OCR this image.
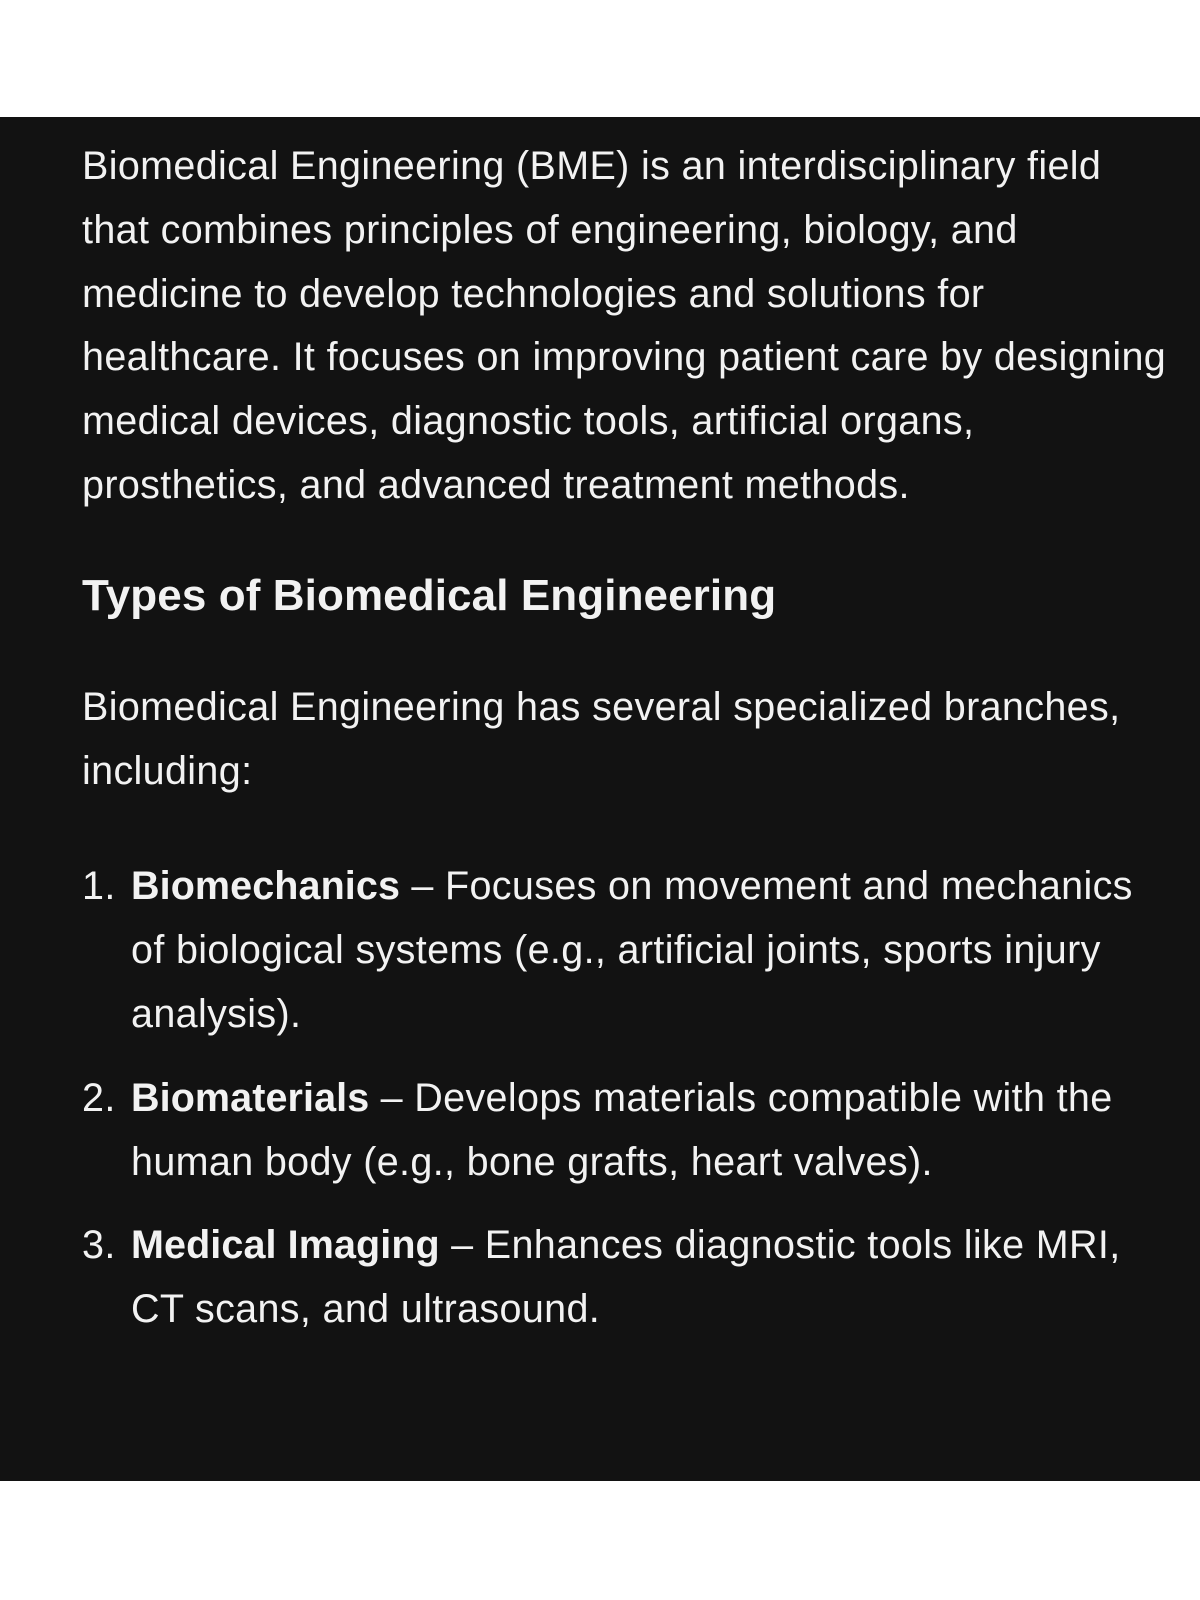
Biomedical Engineering (BME) is an interdisciplinary field that combines principles of engineering, biology, and medicine to develop technologies and solutions for healthcare. It focuses on improving patient care by designing medical devices, diagnostic tools, artificial organs, prosthetics, and advanced treatment methods.

Types of Biomedical Engineering

Biomedical Engineering has several specialized branches, including:

1. Biomechanics – Focuses on movement and mechanics of biological systems (e.g., artificial joints, sports injury analysis).
2. Biomaterials – Develops materials compatible with the human body (e.g., bone grafts, heart valves).
3. Medical Imaging – Enhances diagnostic tools like MRI, CT scans, and ultrasound.
